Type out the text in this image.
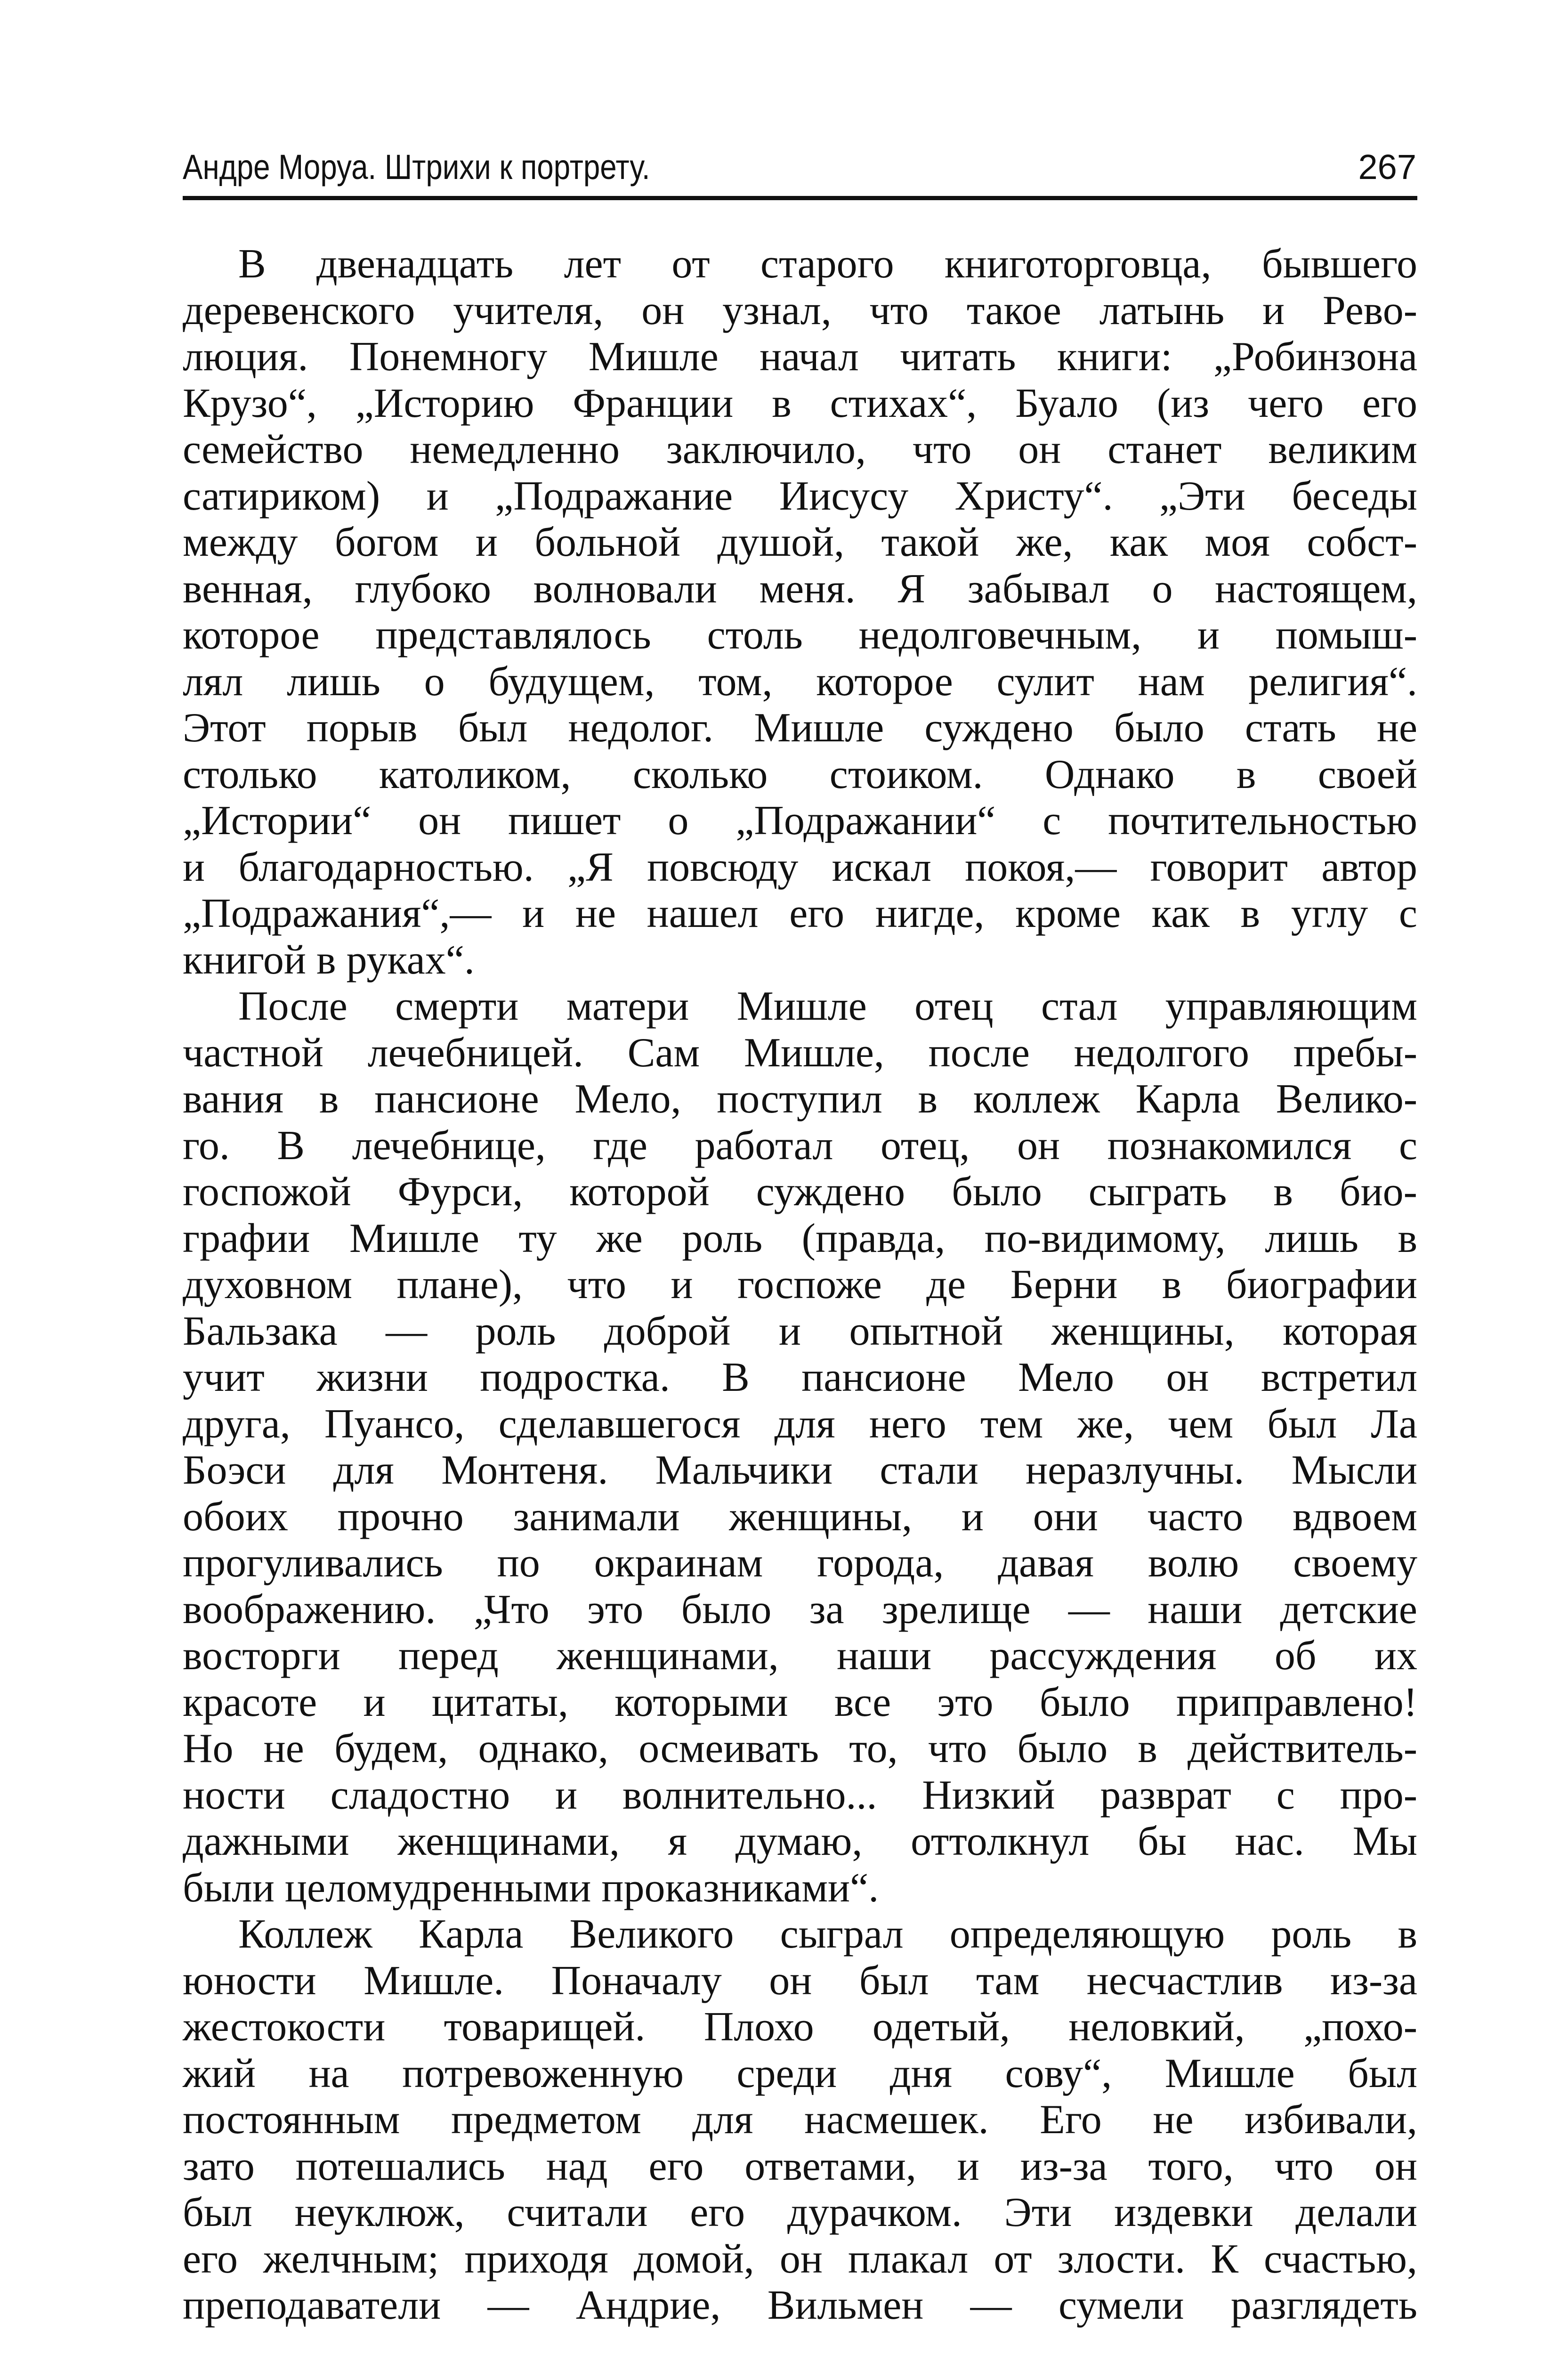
Андре Моруа. Штрихи к портрету.	267
В двенадцать лет от старого книготорговца, бывшего
деревенского учителя, он узнал, что такое латынь и Рево-
люция. Понемногу Мишле начал читать книги: „Робинзона
Крузо“, „Историю Франции в стихах“, Буало (из чего его
семейство немедленно заключило, что он станет великим
сатириком) и „Подражание Иисусу Христу“. „Эти беседы
между богом и больной душой, такой же, как моя собст-
венная, глубоко волновали меня. Я забывал о настоящем,
которое представлялось столь недолговечным, и помыш-
лял лишь о будущем, том, которое сулит нам религия“.
Этот порыв был недолог. Мишле суждено было стать не
столько католиком, сколько стоиком. Однако в своей
„Истории“ он пишет о „Подражании“ с почтительностью
и благодарностью. „Я повсюду искал покоя,— говорит автор
„Подражания“,— и не нашел его нигде, кроме как в углу с
книгой в руках“.
После смерти матери Мишле отец стал управляющим
частной лечебницей. Сам Мишле, после недолгого пребы-
вания в пансионе Мело, поступил в коллеж Карла Велико-
го. В лечебнице, где работал отец, он познакомился с
госпожой Фурси, которой суждено было сыграть в био-
графии Мишле ту же роль (правда, по-видимому, лишь в
духовном плане), что и госпоже де Берни в биографии
Бальзака — роль доброй и опытной женщины, которая
учит жизни подростка. В пансионе Мело он встретил
друга, Пуансо, сделавшегося для него тем же, чем был Ла
Боэси для Монтеня. Мальчики стали неразлучны. Мысли
обоих прочно занимали женщины, и они часто вдвоем
прогуливались по окраинам города, давая волю своему
воображению. „Что это было за зрелище — наши детские
восторги перед женщинами, наши рассуждения об их
красоте и цитаты, которыми все это было приправлено!
Но не будем, однако, осмеивать то, что было в действитель-
ности сладостно и волнительно... Низкий разврат с про-
дажными женщинами, я думаю, оттолкнул бы нас. Мы
были целомудренными проказниками“.
Коллеж Карла Великого сыграл определяющую роль в
юности Мишле. Поначалу он был там несчастлив из-за
жестокости товарищей. Плохо одетый, неловкий, „похо-
жий на потревоженную среди дня сову“, Мишле был
постоянным предметом для насмешек. Его не избивали,
зато потешались над его ответами, и из-за того, что он
был неуклюж, считали его дурачком. Эти издевки делали
его желчным; приходя домой, он плакал от злости. К счастью,
преподаватели — Андрие, Вильмен — сумели разглядеть
